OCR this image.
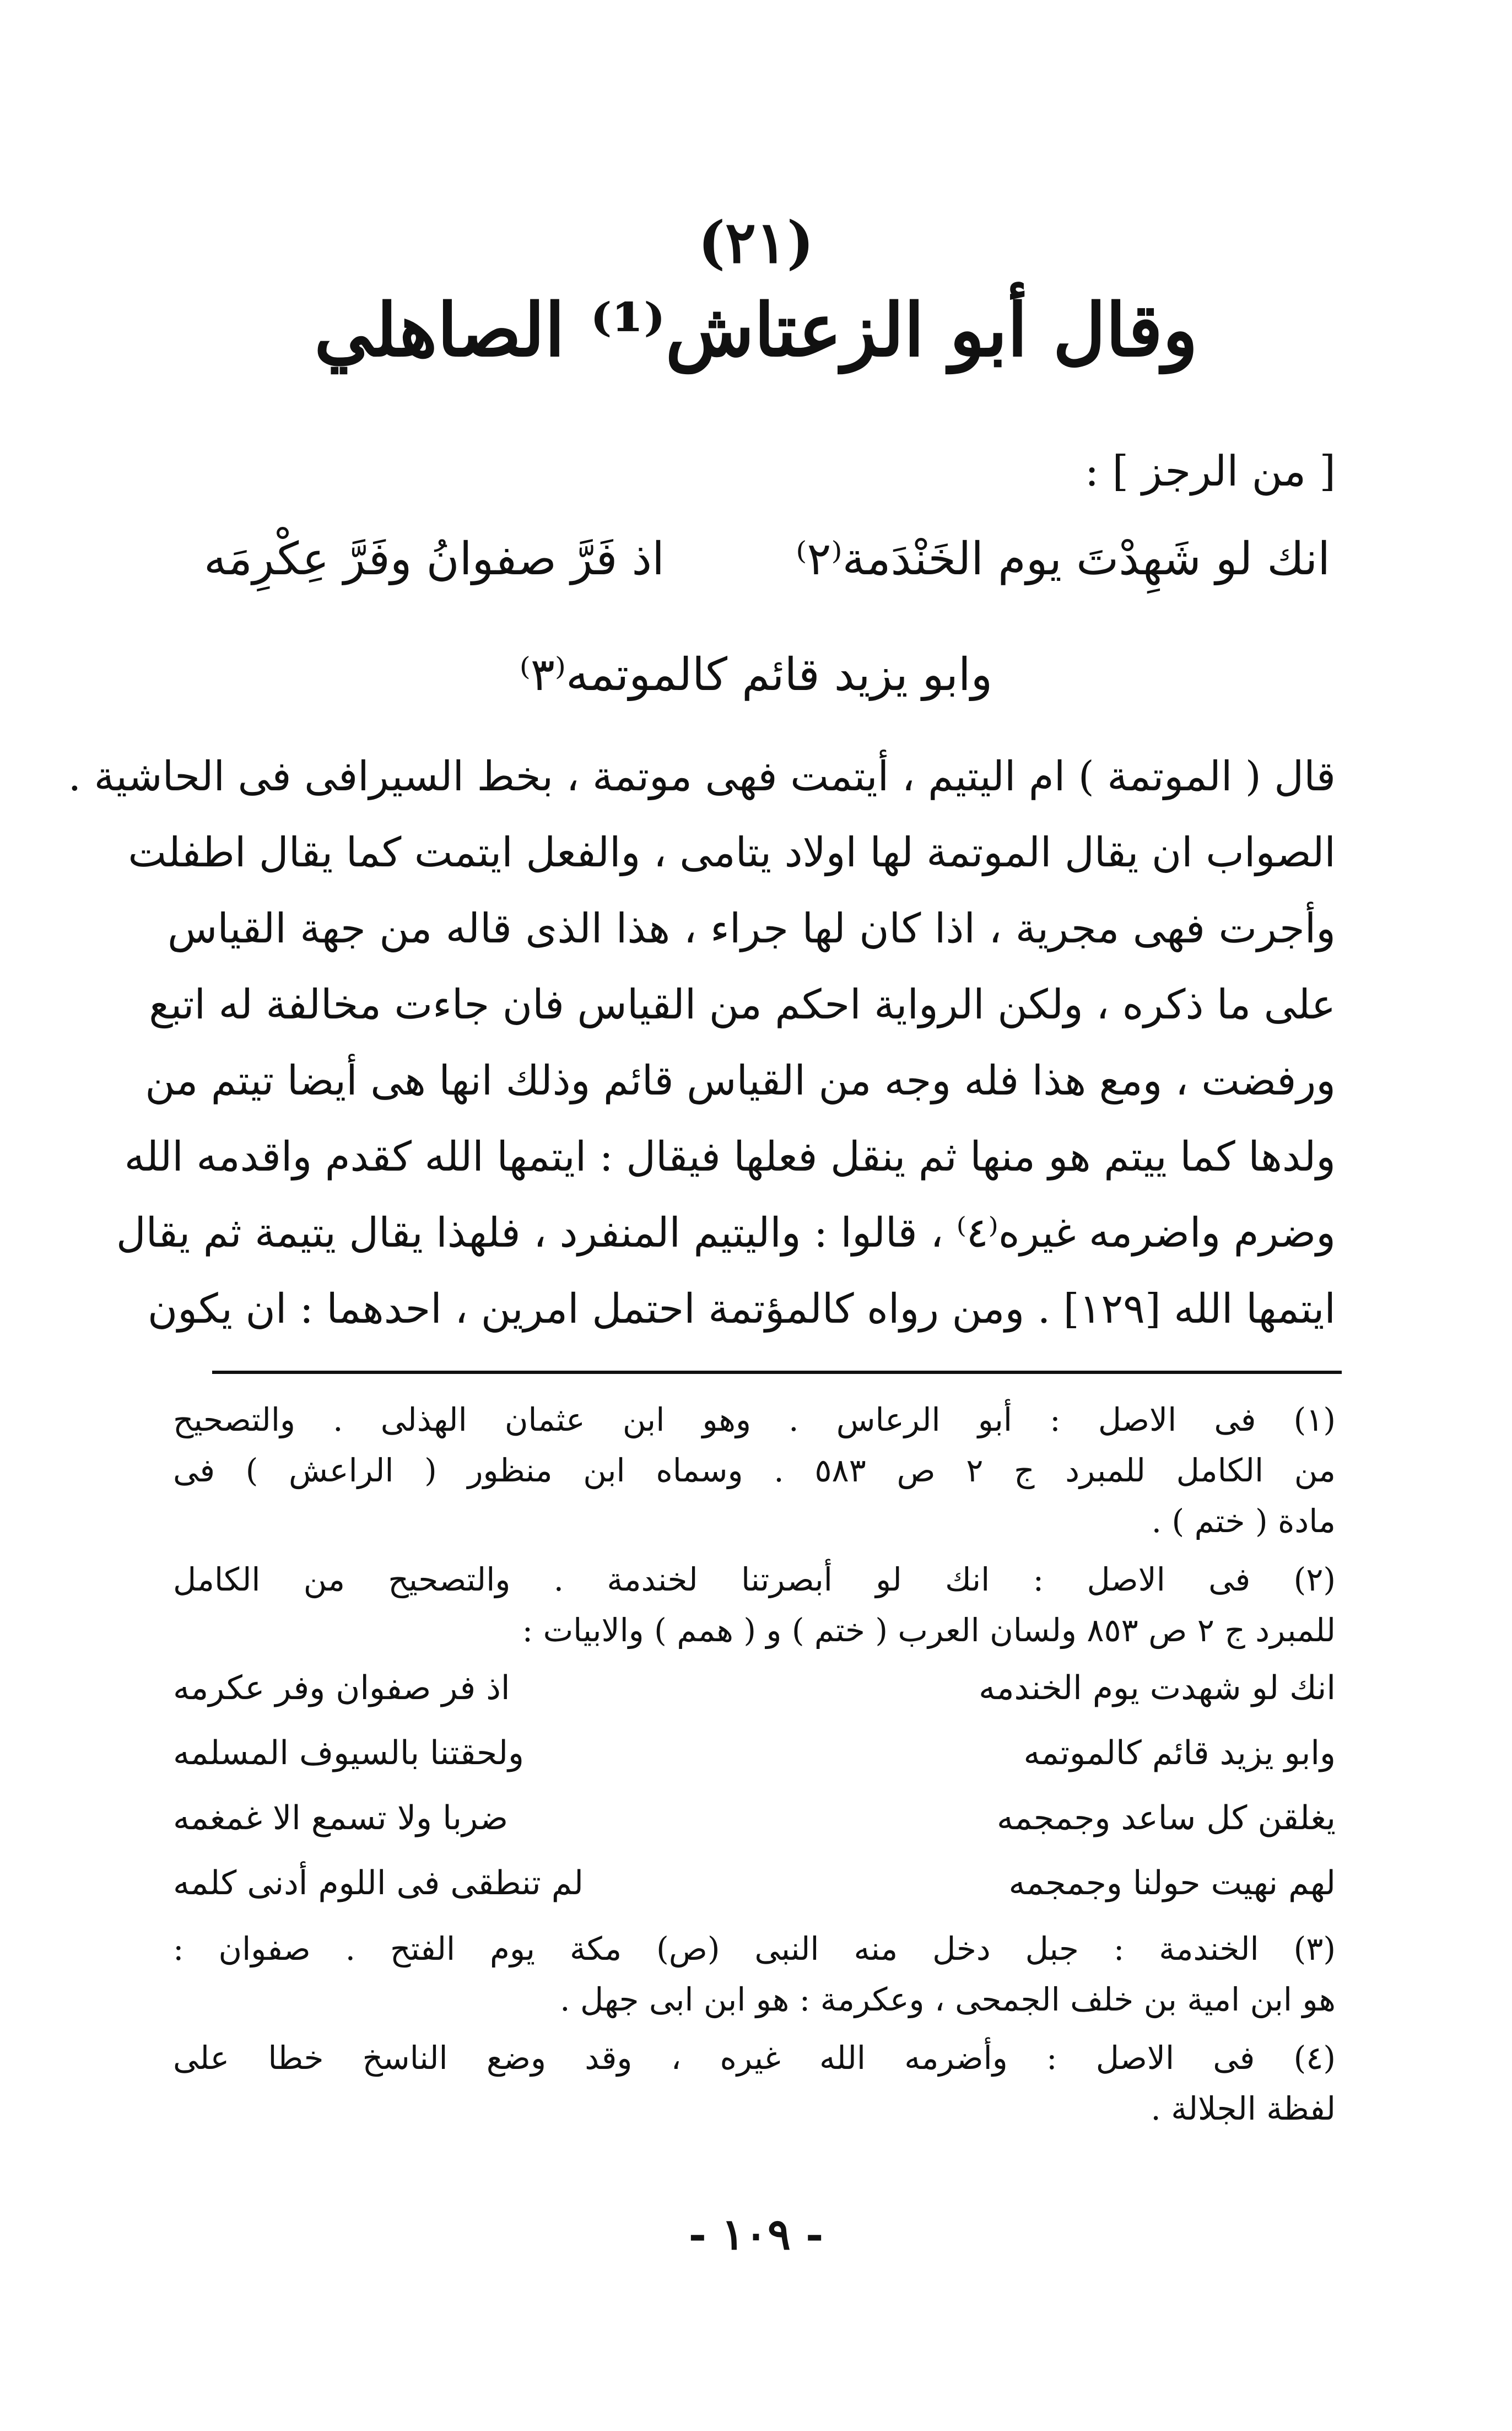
(٢١)
وقال أبو الزعتاش⁽¹⁾ الصاهلي
[ من الرجز ] :
انك لو شَهِدْتَ يوم الخَنْدَمة⁽٢⁾
اذ فَرَّ صفوانُ وفَرَّ عِكْرِمَه
وابو يزيد قائم كالموتمه⁽٣⁾
قال ( الموتمة ) ام اليتيم ، أيتمت فهى موتمة ، بخط السيرافى فى الحاشية .
الصواب ان يقال الموتمة لها اولاد يتامى ، والفعل ايتمت كما يقال اطفلت
وأجرت فهى مجرية ، اذا كان لها جراء ، هذا الذى قاله من جهة القياس
على ما ذكره ، ولكن الرواية احكم من القياس فان جاءت مخالفة له اتبع
ورفضت ، ومع هذا فله وجه من القياس قائم وذلك انها هى أيضا تيتم من
ولدها كما ييتم هو منها ثم ينقل فعلها فيقال : ايتمها الله كقدم واقدمه الله
وضرم واضرمه غيره⁽٤⁾ ، قالوا : واليتيم المنفرد ، فلهذا يقال يتيمة ثم يقال
ايتمها الله [١٢٩] . ومن رواه كالمؤتمة احتمل امرين ، احدهما : ان يكون
(١) فى الاصل : أبو الرعاس . وهو ابن عثمان الهذلى . والتصحيح
من الكامل للمبرد ج ٢ ص ٥٨٣ . وسماه ابن منظور ( الراعش ) فى
مادة ( ختم ) .
(٢) فى الاصل : انك لو أبصرتنا لخندمة . والتصحيح من الكامل
للمبرد ج ٢ ص ٨٥٣ ولسان العرب ( ختم ) و ( همم ) والابيات :
انك لو شهدت يوم الخندمه
اذ فر صفوان وفر عكرمه
وابو يزيد قائم كالموتمه
ولحقتنا بالسيوف المسلمه
يغلقن كل ساعد وجمجمه
ضربا ولا تسمع الا غمغمه
لهم نهيت حولنا وجمجمه
لم تنطقى فى اللوم أدنى كلمه
(٣) الخندمة : جبل دخل منه النبى (ص) مكة يوم الفتح . صفوان :
هو ابن امية بن خلف الجمحى ، وعكرمة : هو ابن ابى جهل .
(٤) فى الاصل : وأضرمه الله غيره ، وقد وضع الناسخ خطا على
لفظة الجلالة .
- ١٠٩ -
